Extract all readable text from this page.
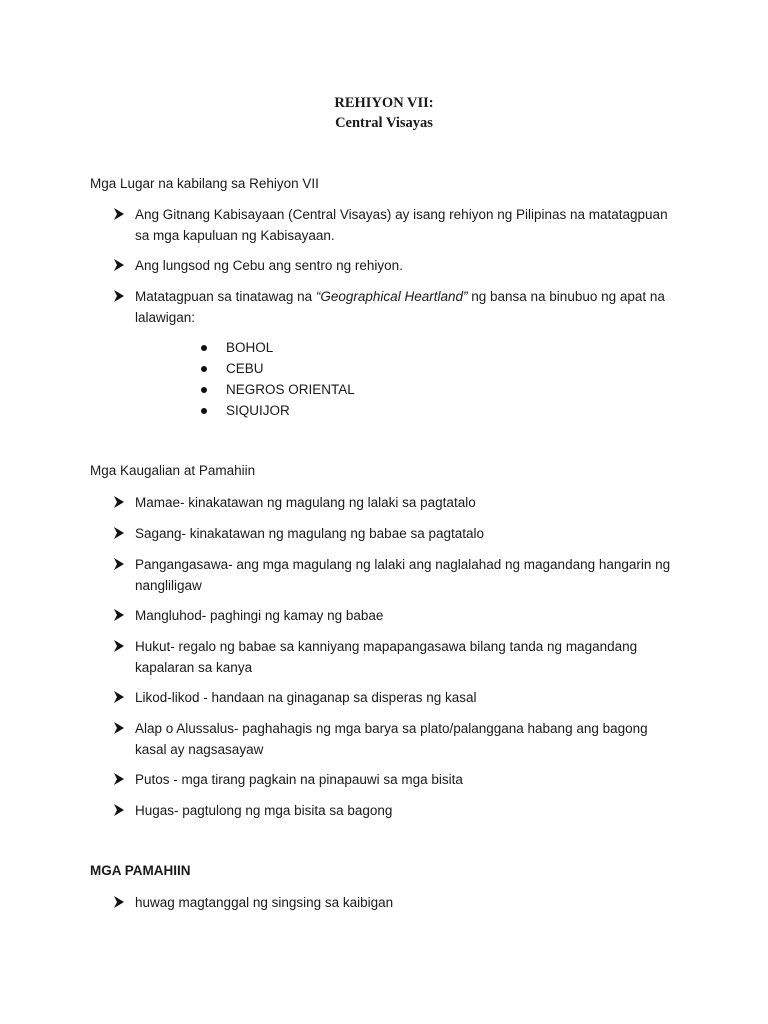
REHIYON VII:
Central Visayas
Mga Lugar na kabilang sa Rehiyon VII
Ang Gitnang Kabisayaan (Central Visayas) ay isang rehiyon ng Pilipinas na matatagpuan sa mga kapuluan ng Kabisayaan.
Ang lungsod ng Cebu ang sentro ng rehiyon.
Matatagpuan sa tinatawag na “Geographical Heartland” ng bansa na binubuo ng apat na lalawigan:
BOHOL
CEBU
NEGROS ORIENTAL
SIQUIJOR
Mga Kaugalian at Pamahiin
Mamae- kinakatawan ng magulang ng lalaki sa pagtatalo
Sagang- kinakatawan ng magulang ng babae sa pagtatalo
Pangangasawa- ang mga magulang ng lalaki ang naglalahad ng magandang hangarin ng nangliligaw
Mangluhod- paghingi ng kamay ng babae
Hukut- regalo ng babae sa kanniyang mapapangasawa bilang tanda ng magandang kapalaran sa kanya
Likod-likod - handaan na ginaganap sa disperas ng kasal
Alap o Alussalus- paghahagis ng mga barya sa plato/palanggana habang ang bagong kasal ay nagsasayaw
Putos - mga tirang pagkain na pinapauwi sa mga bisita
Hugas- pagtulong ng mga bisita sa bagong
MGA PAMAHIIN
huwag magtanggal ng singsing sa kaibigan
